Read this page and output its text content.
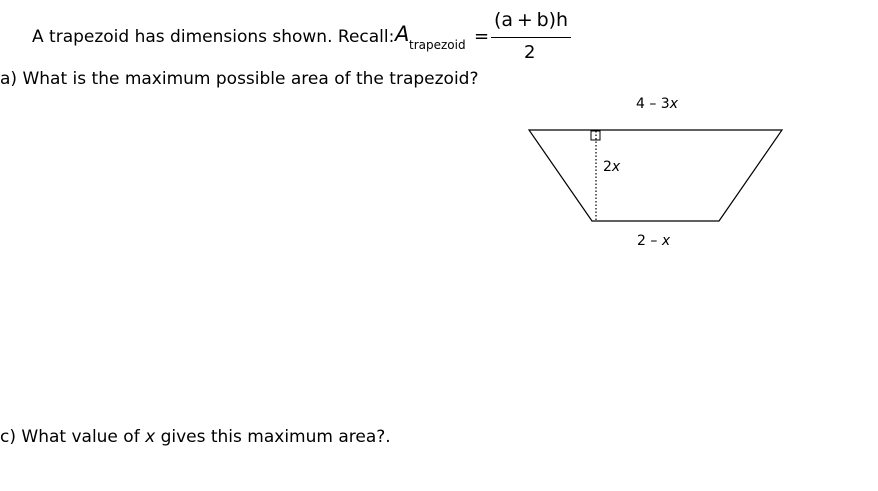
A trapezoid has dimensions shown. Recall: A trapezoid =
(a + b)h
2
a) What is the maximum possible area of the trapezoid?
4 – 3x
2x
2 – x
c) What value of x gives this maximum area?.
